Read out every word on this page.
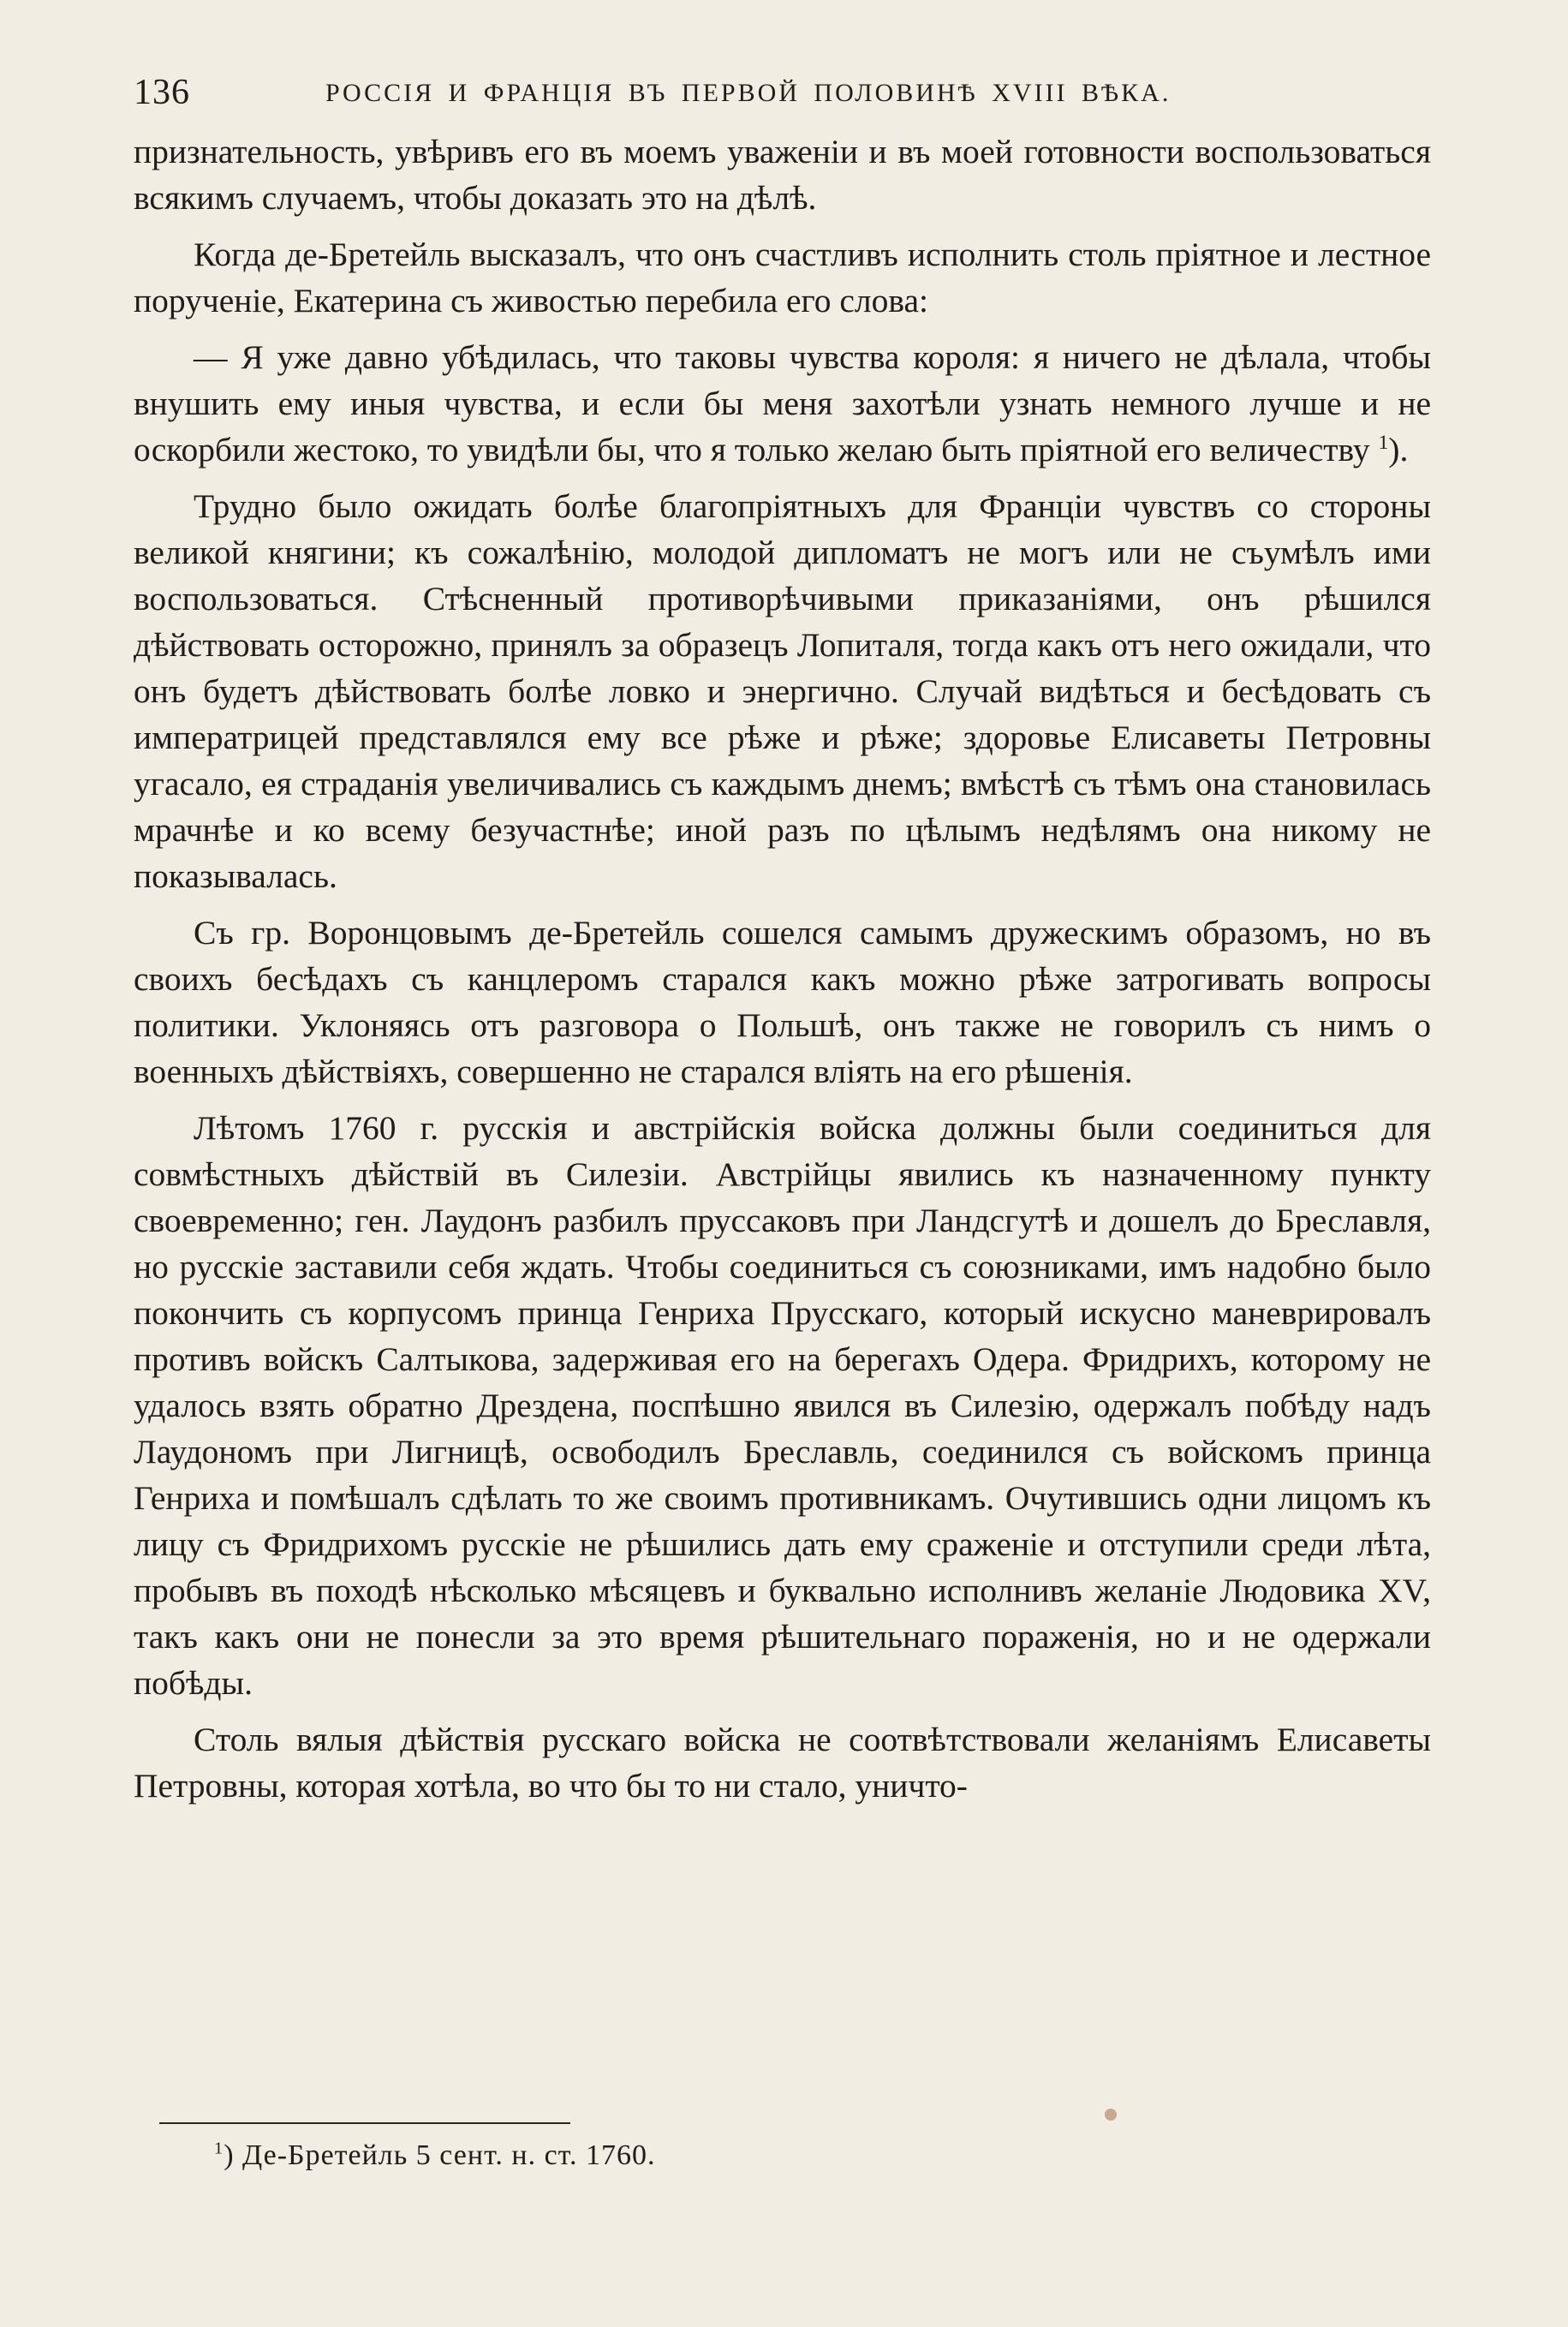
136	РОССІЯ И ФРАНЦІЯ ВЪ ПЕРВОЙ ПОЛОВИНѢ XVIII ВѢКА.

признательность, увѣривъ его въ моемъ уваженіи и въ моей готовности воспользоваться всякимъ случаемъ, чтобы доказать это на дѣлѣ.

Когда де-Бретейль высказалъ, что онъ счастливъ исполнить столь пріятное и лестное порученіе, Екатерина съ живостью перебила его слова:

— Я уже давно убѣдилась, что таковы чувства короля: я ничего не дѣлала, чтобы внушить ему иныя чувства, и если бы меня захотѣли узнать немного лучше и не оскорбили жестоко, то увидѣли бы, что я только желаю быть пріятной его величеству $^1$).

Трудно было ожидать болѣе благопріятныхъ для Франціи чувствъ со стороны великой княгини; къ сожалѣнію, молодой дипломатъ не могъ или не съумѣлъ ими воспользоваться. Стѣсненный противорѣчивыми приказаніями, онъ рѣшился дѣйствовать осторожно, принялъ за образецъ Лопиталя, тогда какъ отъ него ожидали, что онъ будетъ дѣйствовать болѣе ловко и энергично. Случай видѣться и бесѣдовать съ императрицей представлялся ему все рѣже и рѣже; здоровье Елисаветы Петровны угасало, ея страданія увеличивались съ каждымъ днемъ; вмѣстѣ съ тѣмъ она становилась мрачнѣе и ко всему безучастнѣе; иной разъ по цѣлымъ недѣлямъ она никому не показывалась.

Съ гр. Воронцовымъ де-Бретейль сошелся самымъ дружескимъ образомъ, но въ своихъ бесѣдахъ съ канцлеромъ старался какъ можно рѣже затрогивать вопросы политики. Уклоняясь отъ разговора о Польшѣ, онъ также не говорилъ съ нимъ о военныхъ дѣйствіяхъ, совершенно не старался вліять на его рѣшенія.

Лѣтомъ 1760 г. русскія и австрійскія войска должны были соединиться для совмѣстныхъ дѣйствій въ Силезіи. Австрійцы явились къ назначенному пункту своевременно; ген. Лаудонъ разбилъ пруссаковъ при Ландсгутѣ и дошелъ до Бреславля, но русскіе заставили себя ждать. Чтобы соединиться съ союзниками, имъ надобно было покончить съ корпусомъ принца Генриха Прусскаго, который искусно маневрировалъ противъ войскъ Салтыкова, задерживая его на берегахъ Одера. Фридрихъ, которому не удалось взять обратно Дрездена, поспѣшно явился въ Силезію, одержалъ побѣду надъ Лаудономъ при Лигницѣ, освободилъ Бреславль, соединился съ войскомъ принца Генриха и помѣшалъ сдѣлать то же своимъ противникамъ. Очутившись одни лицомъ къ лицу съ Фридрихомъ русскіе не рѣшились дать ему сраженіе и отступили среди лѣта, пробывъ въ походѣ нѣсколько мѣсяцевъ и буквально исполнивъ желаніе Людовика XV, такъ какъ они не понесли за это время рѣшительнаго пораженія, но и не одержали побѣды.

Столь вялыя дѣйствія русскаго войска не соотвѣтствовали желаніямъ Елисаветы Петровны, которая хотѣла, во что бы то ни стало, уничто-

$^1$) Де-Бретейль 5 сент. н. ст. 1760.
